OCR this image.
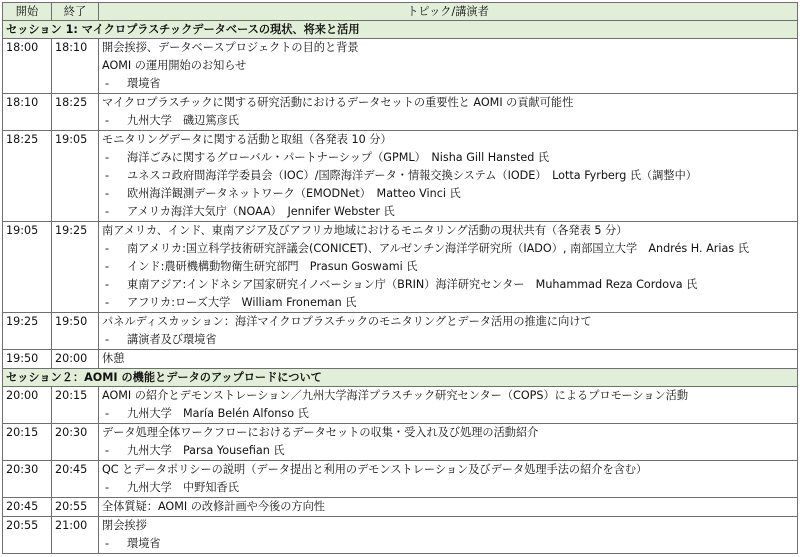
開始	終了	トピック/講演者
セッション 1: マイクロプラスチックデータベースの現状、将来と活用		
18:00	18:10	開会挨拶、データベースプロジェクトの目的と背景
AOMI の運用開始のお知らせ
- 環境省

18:10	18:25	マイクロプラスチックに関する研究活動におけるデータセットの重要性と AOMI の貢献可能性
- 九州大学　磯辺篤彦氏

18:25	19:05	モニタリングデータに関する活動と取組（各発表 10 分）
- 海洋ごみに関するグローバル・パートナーシップ（GPML）　Nisha Gill Hansted 氏
- ユネスコ政府間海洋学委員会（IOC）/国際海洋データ・情報交換システム（IODE）　Lotta Fyrberg 氏（調整中）
- 欧州海洋観測データネットワーク（EMODNet）　Matteo Vinci 氏
- アメリカ海洋大気庁（NOAA）　Jennifer Webster 氏

19:05	19:25	南アメリカ、インド、東南アジア及びアフリカ地域におけるモニタリング活動の現状共有（各発表 5 分）
- 南アメリカ:国立科学技術研究評議会(CONICET)、アルゼンチン海洋学研究所（IADO）, 南部国立大学　Andrés H. Arias 氏
- インド:農研機構動物衛生研究部門　Prasun Goswami 氏
- 東南アジア:インドネシア国家研究イノベーション庁（BRIN）海洋研究センター　Muhammad Reza Cordova 氏
- アフリカ:ローズ大学　William Froneman 氏

19:25	19:50	パネルディスカッション：海洋マイクロプラスチックのモニタリングとデータ活用の推進に向けて
- 講演者及び環境省

19:50	20:00	休憩

セッション２：AOMI の機能とデータのアップロードについて		
20:00	20:15	AOMI の紹介とデモンストレーション／九州大学海洋プラスチック研究センター（COPS）によるプロモーション活動
- 九州大学　María Belén Alfonso 氏

20:15	20:30	データ処理全体ワークフローにおけるデータセットの収集・受入れ及び処理の活動紹介
- 九州大学　Parsa Yousefian 氏

20:30	20:45	QC とデータポリシーの説明（データ提出と利用のデモンストレーション及びデータ処理手法の紹介を含む）
- 九州大学　中野知香氏

20:45	20:55	全体質疑：AOMI の改修計画や今後の方向性

20:55	21:00	閉会挨拶
- 環境省
